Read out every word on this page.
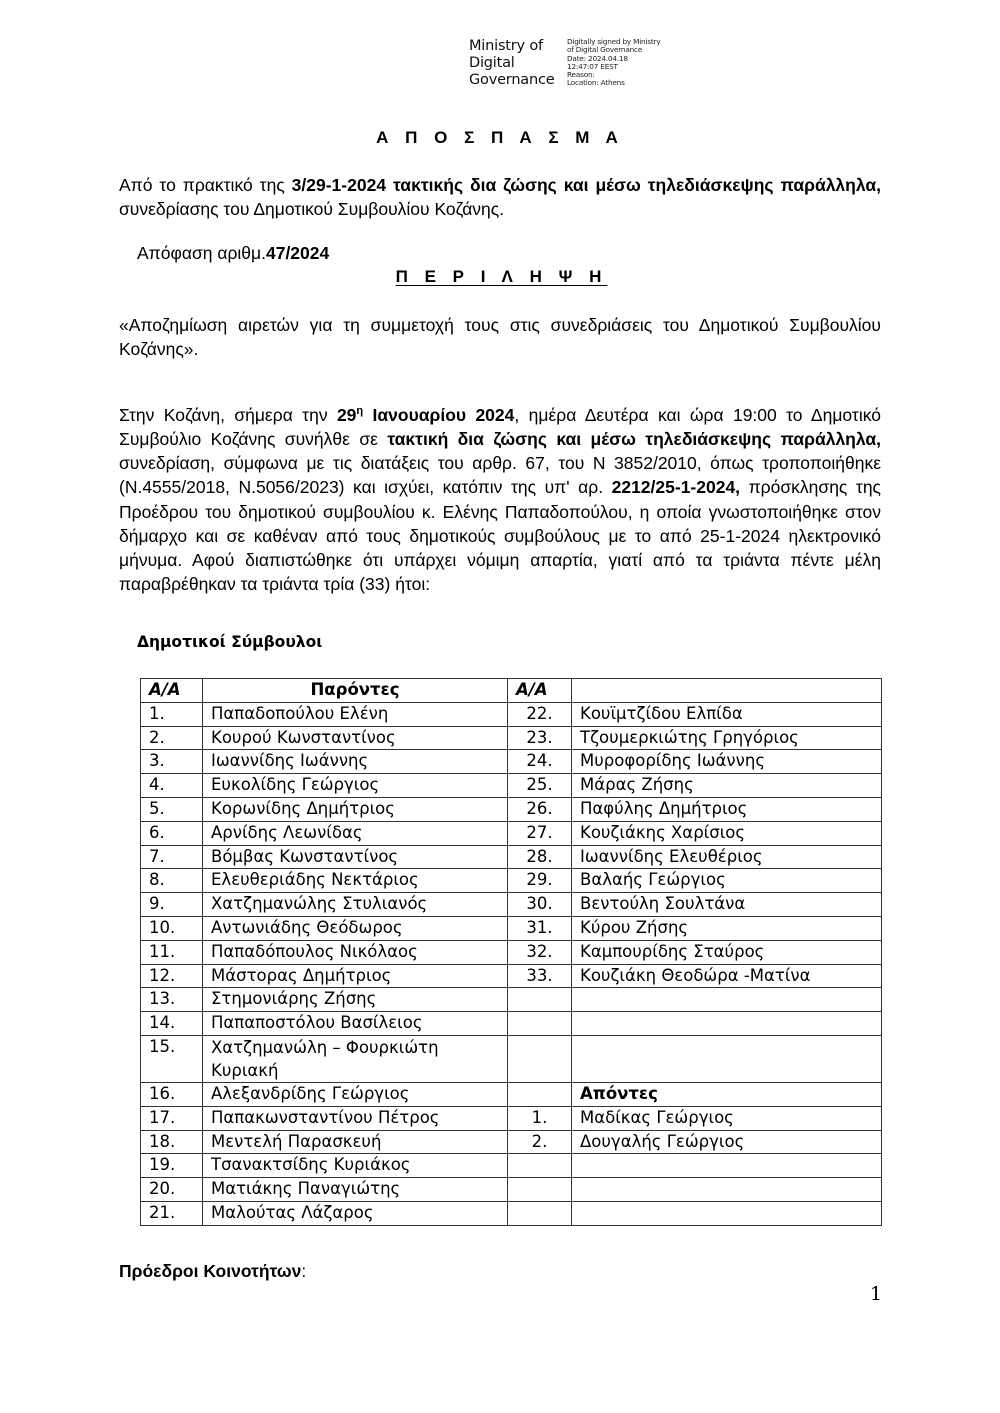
Ministry of
Digital
Governance
Digitally signed by Ministry
of Digital Governance
Date: 2024.04.18
12:47:07 EEST
Reason:
Location: Athens
Α Π Ο Σ Π Α Σ Μ Α
Από το πρακτικό της 3/29-1-2024 τακτικής δια ζώσης και μέσω τηλεδιάσκεψης παράλληλα, συνεδρίασης του Δημοτικού Συμβουλίου Κοζάνης.
Απόφαση αριθμ.47/2024
Π Ε Ρ Ι Λ Η Ψ Η
«Αποζημίωση αιρετών για τη συμμετοχή τους στις συνεδριάσεις του Δημοτικού Συμβουλίου Κοζάνης».
Στην Κοζάνη, σήμερα την $29^\eta$ Ιανουαρίου 2024, ημέρα Δευτέρα και ώρα 19:00 το Δημοτικό Συμβούλιο Κοζάνης συνήλθε σε τακτική δια ζώσης και μέσω τηλεδιάσκεψης παράλληλα, συνεδρίαση, σύμφωνα με τις διατάξεις του αρθρ. 67, του Ν 3852/2010, όπως τροποποιήθηκε (Ν.4555/2018, Ν.5056/2023) και ισχύει, κατόπιν της υπ' αρ. 2212/25-1-2024, πρόσκλησης της Προέδρου του δημοτικού συμβουλίου κ. Ελένης Παπαδοπούλου, η οποία γνωστοποιήθηκε στον δήμαρχο και σε καθέναν από τους δημοτικούς συμβούλους με το από 25-1-2024 ηλεκτρονικό μήνυμα. Αφού διαπιστώθηκε ότι υπάρχει νόμιμη απαρτία, γιατί από τα τριάντα πέντε μέλη παραβρέθηκαν τα τριάντα τρία (33) ήτοι:
Δημοτικοί Σύμβουλοι
Α/Α	Παρόντες	Α/Α	
1.	Παπαδοπούλου Ελένη	22.	Κουϊμτζίδου Ελπίδα
2.	Κουρού Κωνσταντίνος	23.	Τζουμερκιώτης Γρηγόριος
3.	Ιωαννίδης Ιωάννης	24.	Μυροφορίδης Ιωάννης
4.	Ευκολίδης Γεώργιος	25.	Μάρας Ζήσης
5.	Κορωνίδης Δημήτριος	26.	Παφύλης Δημήτριος
6.	Αρνίδης Λεωνίδας	27.	Κουζιάκης Χαρίσιος
7.	Βόμβας Κωνσταντίνος	28.	Ιωαννίδης Ελευθέριος
8.	Ελευθεριάδης Νεκτάριος	29.	Βαλαής Γεώργιος
9.	Χατζημανώλης Στυλιανός	30.	Βεντούλη Σουλτάνα
10.	Αντωνιάδης Θεόδωρος	31.	Κύρου Ζήσης
11.	Παπαδόπουλος Νικόλαος	32.	Καμπουρίδης Σταύρος
12.	Μάστορας Δημήτριος	33.	Κουζιάκη Θεοδώρα -Ματίνα
13.	Στημονιάρης Ζήσης		
14.	Παπαποστόλου Βασίλειος		
15.	Χατζημανώλη – Φουρκιώτη Κυριακή		
16.	Αλεξανδρίδης Γεώργιος		Απόντες
17.	Παπακωνσταντίνου Πέτρος	1.	Μαδίκας Γεώργιος
18.	Μεντελή Παρασκευή	2.	Δουγαλής Γεώργιος
19.	Τσανακτσίδης Κυριάκος		
20.	Ματιάκης Παναγιώτης		
21.	Μαλούτας Λάζαρος		
Πρόεδροι Κοινοτήτων:
1
